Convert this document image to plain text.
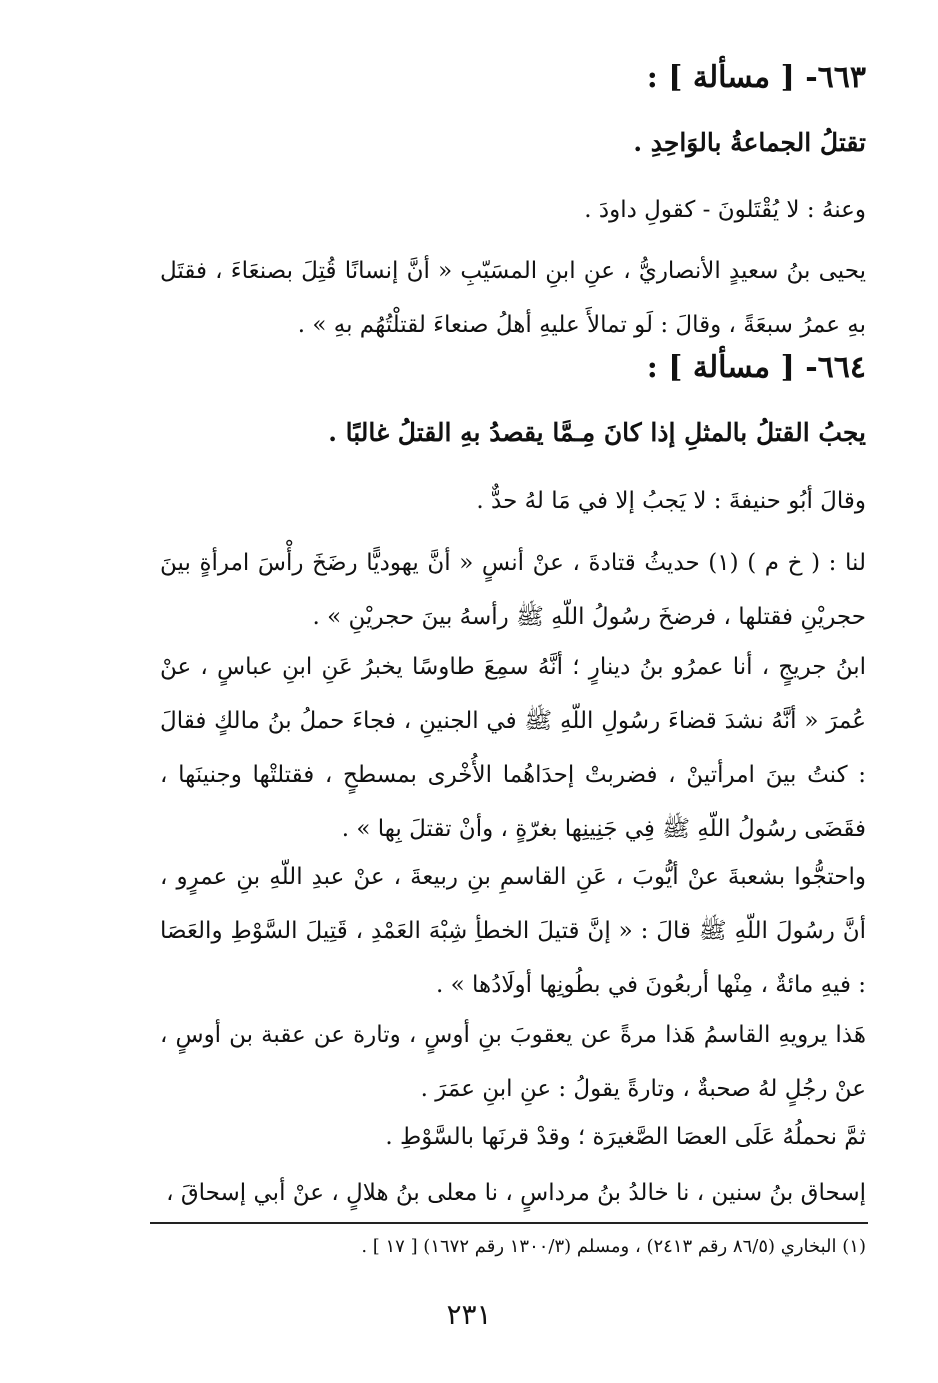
٦٦٣- [ مسألة ] :
تقتلُ الجماعةُ بالوَاحِدِ .
وعنهُ : لا يُقْتَلونَ - كقولِ داودَ .
يحيى بنُ سعيدٍ الأنصاريُّ ، عنِ ابنِ المسَيّبِ « أنَّ إنسانًا قُتِلَ بصنعَاءَ ، فقتَل بهِ عمرُ سبعَةً ، وقالَ : لَو تمالأَ عليهِ أهلُ صنعاءَ لقتلْتُهُم بهِ » .
٦٦٤- [ مسألة ] :
يجبُ القتلُ بالمثلِ إذا كانَ مِـمَّا يقصدُ بهِ القتلُ غالبًا .
وقالَ أبُو حنيفةَ : لا يَجبُ إلا في مَا لهُ حدٌّ .
لنا : ( خ م ) (١) حديثُ قتادةَ ، عنْ أنسٍ « أنَّ يهوديًّا رضَخَ رأْسَ امرأةٍ بينَ حجريْنِ فقتلها ، فرضخَ رسُولُ اللّهِ ﷺ رأسهُ بينَ حجريْنِ » .
ابنُ جريجٍ ، أنا عمرُو بنُ دينارٍ ؛ أنَّهُ سمِعَ طاوسًا يخبرُ عَنِ ابنِ عباسٍ ، عنْ عُمرَ « أنَّهُ نشدَ قضاءَ رسُولِ اللّهِ ﷺ في الجنينِ ، فجاءَ حملُ بنُ مالكٍ فقالَ : كنتُ بينَ امرأتينْ ، فضربتْ إحدَاهُما الأُخْرى بمسطحٍ ، فقتلتْها وجنينَها ، فقَضَى رسُولُ اللّهِ ﷺ فِي جَنِينِها بغرّةٍ ، وأنْ تقتلَ بِها » .
واحتجُّوا بشعبةَ عنْ أيُّوبَ ، عَنِ القاسمِ بنِ ربيعةَ ، عنْ عبدِ اللّهِ بنِ عمرٍو ، أنَّ رسُولَ اللّهِ ﷺ قالَ : « إنَّ قتيلَ الخطأِ شِبْهَ العَمْدِ ، قَتِيلَ السَّوْطِ والعَصَا : فيهِ مائةٌ ، مِنْها أربعُونَ في بطُونِها أولَادُها » .
هَذا يرويهِ القاسمُ هَذا مرةً عن يعقوبَ بنِ أوسٍ ، وتارة عن عقبة بن أوسٍ ، عنْ رجُلٍ لهُ صحبةٌ ، وتارةً يقولُ : عنِ ابنِ عمَرَ .
ثمَّ نحملُهُ عَلَى العصَا الصَّغيرَة ؛ وقدْ قرنَها بالسَّوْطِ .
إسحاق بنُ سنين ، نا خالدُ بنُ مرداسٍ ، نا معلى بنُ هلالٍ ، عنْ أبي إسحاقَ ،
(١) البخاري (٨٦/٥ رقم ٢٤١٣) ، ومسلم (١٣٠٠/٣ رقم ١٦٧٢) [ ١٧ ] .
٢٣١
